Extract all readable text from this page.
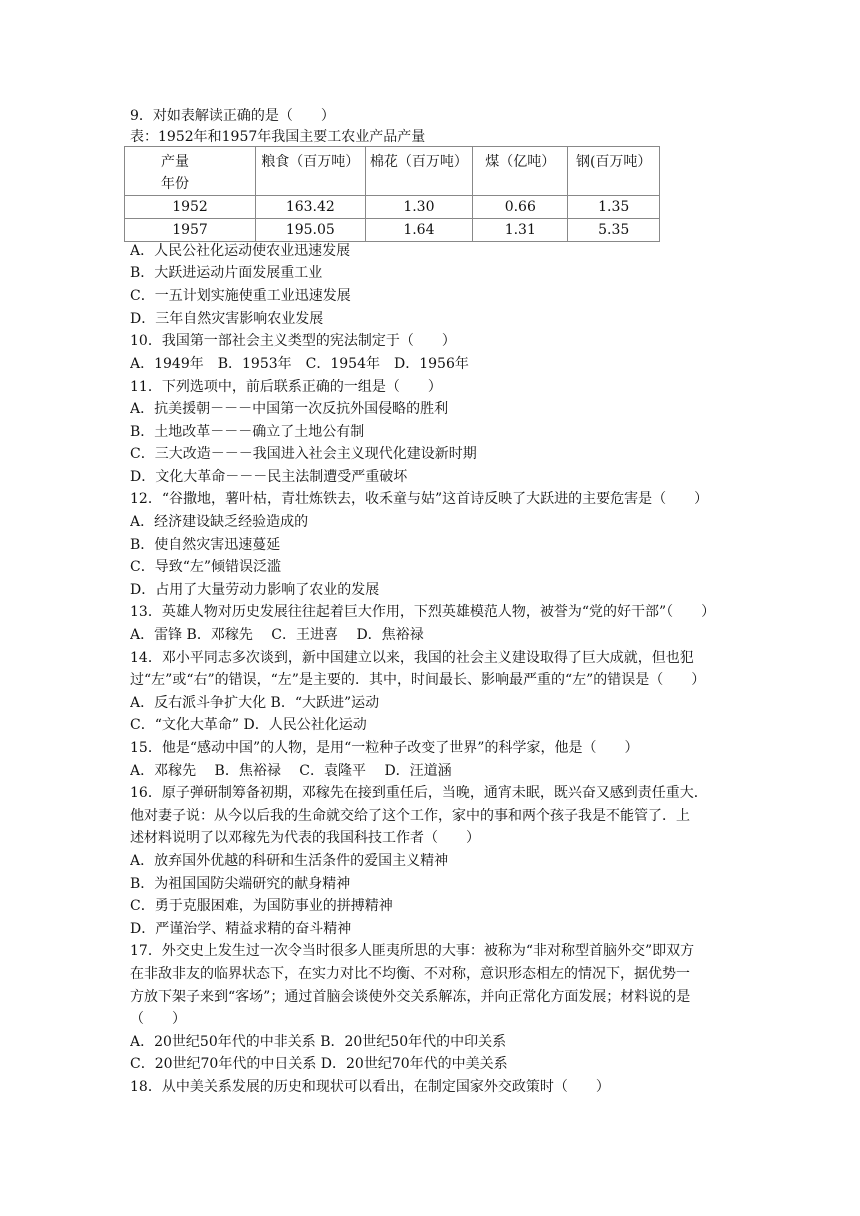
9．对如表解读正确的是（　　）
表：1952年和1957年我国主要工农业产品产量
产量
年份	粮食（百万吨）	棉花（百万吨）	煤（亿吨）	钢(百万吨）
1952	163.42	1.30	0.66	1.35
1957	195.05	1.64	1.31	5.35
A．人民公社化运动使农业迅速发展
B．大跃进运动片面发展重工业
C．一五计划实施使重工业迅速发展
D．三年自然灾害影响农业发展
10．我国第一部社会主义类型的宪法制定于（　　）
A．1949年　B．1953年　C．1954年　D．1956年
11．下列选项中，前后联系正确的一组是（　　）
A．抗美援朝－－－中国第一次反抗外国侵略的胜利
B．土地改革－－－确立了土地公有制
C．三大改造－－－我国进入社会主义现代化建设新时期
D．文化大革命－－－民主法制遭受严重破坏
12．“谷撒地，薯叶枯，青壮炼铁去，收禾童与姑”这首诗反映了大跃进的主要危害是（　　）
A．经济建设缺乏经验造成的
B．使自然灾害迅速蔓延
C．导致“左”倾错误泛滥
D．占用了大量劳动力影响了农业的发展
13．英雄人物对历史发展往往起着巨大作用，下烈英雄模范人物，被誉为“党的好干部”（　　）
A．雷锋 B．邓稼先　 C．王进喜　 D．焦裕禄
14．邓小平同志多次谈到，新中国建立以来，我国的社会主义建设取得了巨大成就，但也犯
过“左”或“右”的错误，“左”是主要的．其中，时间最长、影响最严重的“左”的错误是（　　）
A．反右派斗争扩大化 B．“大跃进”运动
C．“文化大革命” D．人民公社化运动
15．他是“感动中国”的人物，是用“一粒种子改变了世界”的科学家，他是（　　）
A．邓稼先　 B．焦裕禄　 C．袁隆平　 D．汪道涵
16．原子弹研制筹备初期，邓稼先在接到重任后，当晚，通宵未眠，既兴奋又感到责任重大．
他对妻子说：从今以后我的生命就交给了这个工作，家中的事和两个孩子我是不能管了．上
述材料说明了以邓稼先为代表的我国科技工作者（　　）
A．放弃国外优越的科研和生活条件的爱国主义精神
B．为祖国国防尖端研究的献身精神
C．勇于克服困难，为国防事业的拼搏精神
D．严谨治学、精益求精的奋斗精神
17．外交史上发生过一次令当时很多人匪夷所思的大事：被称为“非对称型首脑外交”即双方
在非敌非友的临界状态下，在实力对比不均衡、不对称，意识形态相左的情况下，据优势一
方放下架子来到“客场”；通过首脑会谈使外交关系解冻，并向正常化方面发展；材料说的是
（　　）
A．20世纪50年代的中非关系 B．20世纪50年代的中印关系
C．20世纪70年代的中日关系 D．20世纪70年代的中美关系
18．从中美关系发展的历史和现状可以看出，在制定国家外交政策时（　　）
